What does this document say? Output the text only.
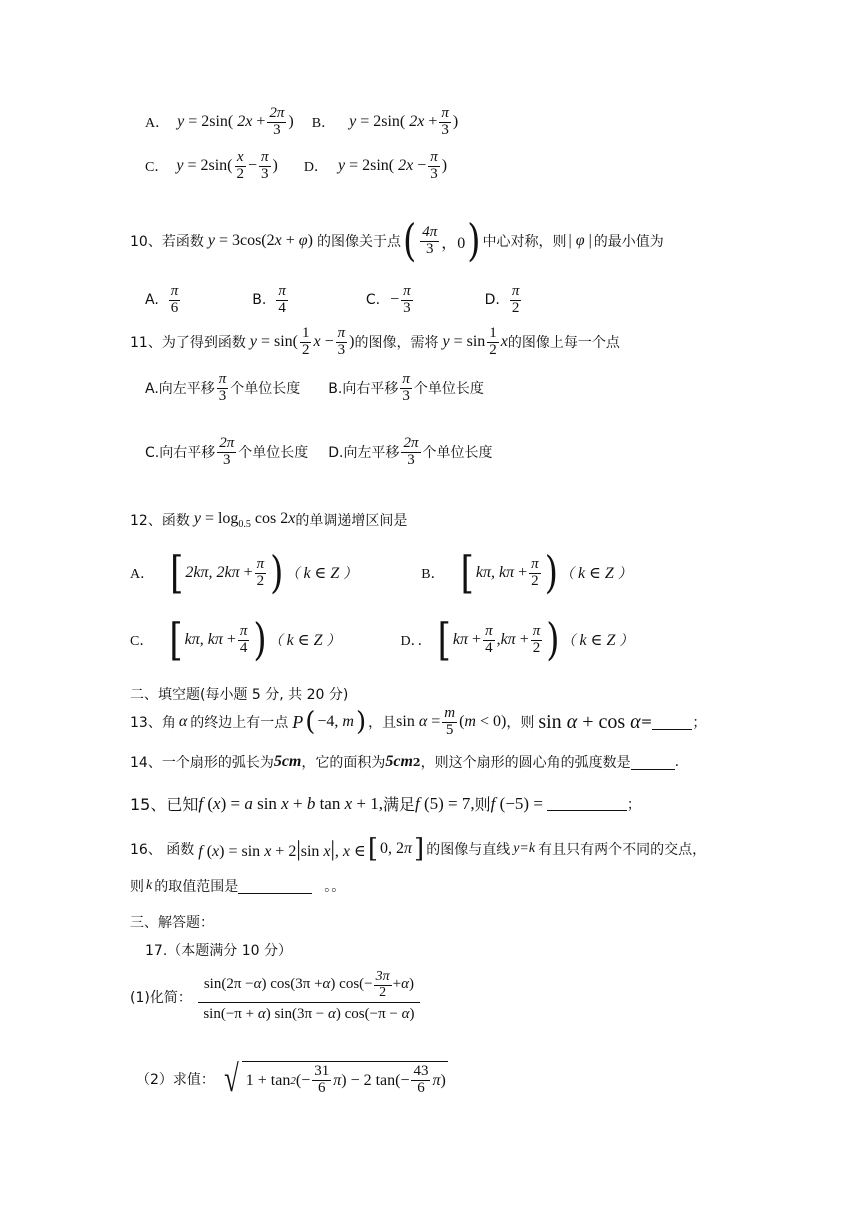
A． y = 2sin( $2x + \frac{2\pi}{3}$ ) B． y = 2sin( $2x + \frac{\pi}{3}$ )
C． $y = 2\sin( \frac{x}{2} - \frac{\pi}{3}$ ) D． y = 2sin( $2x - \frac{\pi}{3}$ )
10、若函数 y = 3cos(2x + φ) 的图像关于点 ( $\frac{4\pi}{3}$ ，0 ) 中心对称，则 | φ | 的最小值为
A. $\frac{\pi}{6}$	B. $\frac{\pi}{4}$	C. − $\frac{\pi}{3}$	D. $\frac{\pi}{2}$
11、为了得到函数 $y = \sin( \frac{1}{2}$ $x - \frac{\pi}{3}$ ) 的图像，需将 $y = \sin \frac{1}{2}$ x 的图像上每一个点
A.向左平移 $\frac{\pi}{3}$ 个单位长度 B.向右平移 $\frac{\pi}{3}$ 个单位长度
C.向右平移 $\frac{2\pi}{3}$ 个单位长度 D.向左平移 $\frac{2\pi}{3}$ 个单位长度
12、函数 $y = \log_{0.5} \cos 2x$ 的单调递增区间是
A． [ 2kπ, $2k\pi + \frac{\pi}{2}$ ) （ k ∈ Z ）	B． [ kπ, $k\pi + \frac{\pi}{2}$ ) （ k ∈ Z ）
C． [ kπ, $k\pi + \frac{\pi}{4}$ ) （ k ∈ Z ）	D．． [ $k\pi + \frac{\pi}{4}$ , $k\pi + \frac{\pi}{2}$ ) （ k ∈ Z ）
二、填空题(每小题 5 分, 共 20 分)
13、角 α 的终边上有一点 P ( −4, m ) ，且 $\sin \alpha = \frac{m}{5} (m < 0)$ ，则 sin α + cos α =	；
14、一个扇形的弧长为 5cm ，它的面积为 5cm 2 ，则这个扇形的圆心角的弧度数是	.
15、已知 f (x) = a sin x + b tan x + 1, 满足 f (5) = 7, 则 f (−5) =	；
16、 函数 f (x) = sin x + 2|sin x|, x ∈ [ 0, 2 π ] 的图像与直线 y=k 有且只有两个不同的交点，
则 k 的取值范围是	。。
三、解答题：
17.（本题满分 10 分）
(1)化简： $\frac{\sin(2\pi - \alpha ) \cos(3\pi + \alpha ) \cos(- \frac{3\pi}{2} + \alpha )}{\sin(-\pi + \alpha) \sin(3\pi - \alpha) \cos(-\pi - \alpha)}$
（2）求值： √ 1 + tan 2 (− $\frac{31}{6} \pi) - 2$ $\tan(- \frac{43}{6} \pi)$
